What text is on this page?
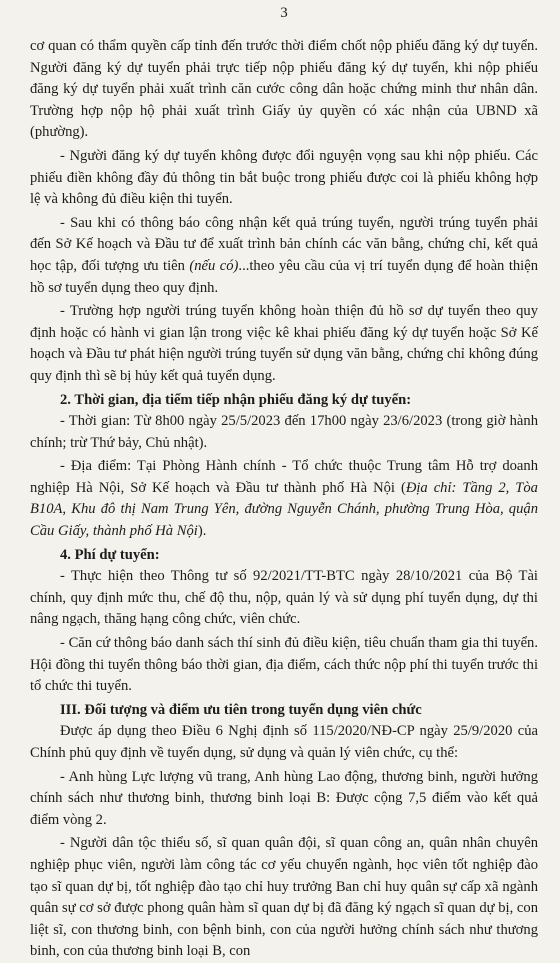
3

cơ quan có thẩm quyền cấp tỉnh đến trước thời điểm chốt nộp phiếu đăng ký dự tuyển. Người đăng ký dự tuyển phải trực tiếp nộp phiếu đăng ký dự tuyển, khi nộp phiếu đăng ký dự tuyển phải xuất trình căn cước công dân hoặc chứng minh thư nhân dân. Trường hợp nộp hộ phải xuất trình Giấy ủy quyền có xác nhận của UBND xã (phường).

- Người đăng ký dự tuyển không được đổi nguyện vọng sau khi nộp phiếu. Các phiếu điền không đầy đủ thông tin bắt buộc trong phiếu được coi là phiếu không hợp lệ và không đủ điều kiện thi tuyển.

- Sau khi có thông báo công nhận kết quả trúng tuyển, người trúng tuyển phải đến Sở Kế hoạch và Đầu tư để xuất trình bản chính các văn bằng, chứng chỉ, kết quả học tập, đối tượng ưu tiên (nếu có)...theo yêu cầu của vị trí tuyển dụng để hoàn thiện hồ sơ tuyển dụng theo quy định.

- Trường hợp người trúng tuyển không hoàn thiện đủ hồ sơ dự tuyển theo quy định hoặc có hành vi gian lận trong việc kê khai phiếu đăng ký dự tuyển hoặc Sở Kế hoạch và Đầu tư phát hiện người trúng tuyển sử dụng văn bằng, chứng chỉ không đúng quy định thì sẽ bị hủy kết quả tuyển dụng.

2. Thời gian, địa tiểm tiếp nhận phiếu đăng ký dự tuyển:

- Thời gian: Từ 8h00 ngày 25/5/2023 đến 17h00 ngày 23/6/2023 (trong giờ hành chính; trừ Thứ bảy, Chủ nhật).

- Địa điểm: Tại Phòng Hành chính - Tổ chức thuộc Trung tâm Hỗ trợ doanh nghiệp Hà Nội, Sở Kế hoạch và Đầu tư thành phố Hà Nội (Địa chỉ: Tầng 2, Tòa B10A, Khu đô thị Nam Trung Yên, đường Nguyễn Chánh, phường Trung Hòa, quận Cầu Giấy, thành phố Hà Nội).

4. Phí dự tuyển:

- Thực hiện theo Thông tư số 92/2021/TT-BTC ngày 28/10/2021 của Bộ Tài chính, quy định mức thu, chế độ thu, nộp, quản lý và sử dụng phí tuyển dụng, dự thi nâng ngạch, thăng hạng công chức, viên chức.

- Căn cứ thông báo danh sách thí sinh đủ điều kiện, tiêu chuẩn tham gia thi tuyển. Hội đồng thi tuyển thông báo thời gian, địa điểm, cách thức nộp phí thi tuyển trước thi tổ chức thi tuyển.

III. Đối tượng và điểm ưu tiên trong tuyển dụng viên chức

Được áp dụng theo Điều 6 Nghị định số 115/2020/NĐ-CP ngày 25/9/2020 của Chính phủ quy định về tuyển dụng, sử dụng và quản lý viên chức, cụ thể:

- Anh hùng Lực lượng vũ trang, Anh hùng Lao động, thương binh, người hưởng chính sách như thương binh, thương binh loại B: Được cộng 7,5 điểm vào kết quả điểm vòng 2.

- Người dân tộc thiểu số, sĩ quan quân đội, sĩ quan công an, quân nhân chuyên nghiệp phục viên, người làm công tác cơ yếu chuyển ngành, học viên tốt nghiệp đào tạo sĩ quan dự bị, tốt nghiệp đào tạo chỉ huy trưởng Ban chỉ huy quân sự cấp xã ngành quân sự cơ sở được phong quân hàm sĩ quan dự bị đã đăng ký ngạch sĩ quan dự bị, con liệt sĩ, con thương binh, con bệnh binh, con của người hưởng chính sách như thương binh, con của thương binh loại B, con
